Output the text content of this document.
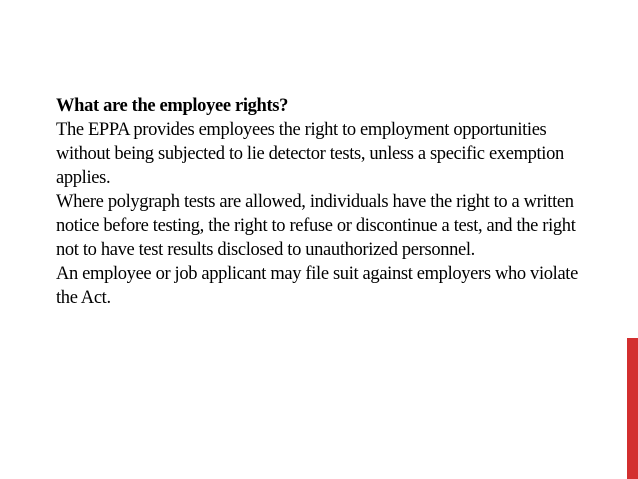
What are the employee rights?
The EPPA provides employees the right to employment opportunities without being subjected to lie detector tests, unless a specific exemption applies.
Where polygraph tests are allowed, individuals have the right to a written notice before testing, the right to refuse or discontinue a test, and the right not to have test results disclosed to unauthorized personnel.
An employee or job applicant may file suit against employers who violate the Act.
